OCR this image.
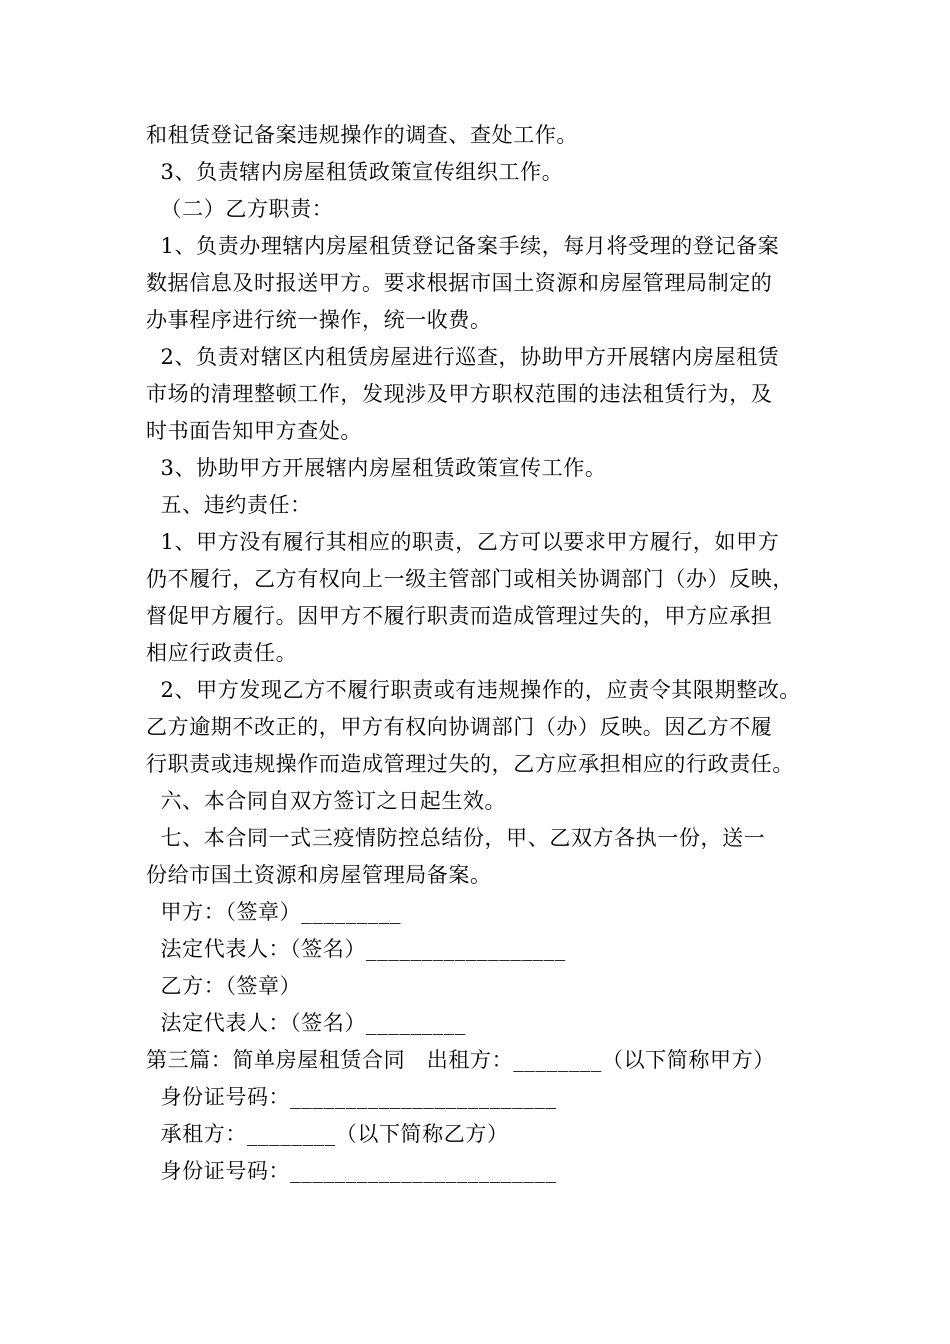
和租赁登记备案违规操作的调查、查处工作。
3、负责辖内房屋租赁政策宣传组织工作。
（二）乙方职责：
1、负责办理辖内房屋租赁登记备案手续，每月将受理的登记备案
数据信息及时报送甲方。要求根据市国土资源和房屋管理局制定的
办事程序进行统一操作，统一收费。
2、负责对辖区内租赁房屋进行巡查，协助甲方开展辖内房屋租赁
市场的清理整顿工作，发现涉及甲方职权范围的违法租赁行为，及
时书面告知甲方查处。
3、协助甲方开展辖内房屋租赁政策宣传工作。
五、违约责任：
1、甲方没有履行其相应的职责，乙方可以要求甲方履行，如甲方
仍不履行，乙方有权向上一级主管部门或相关协调部门（办）反映，
督促甲方履行。因甲方不履行职责而造成管理过失的，甲方应承担
相应行政责任。
2、甲方发现乙方不履行职责或有违规操作的，应责令其限期整改。
乙方逾期不改正的，甲方有权向协调部门（办）反映。因乙方不履
行职责或违规操作而造成管理过失的，乙方应承担相应的行政责任。
六、本合同自双方签订之日起生效。
七、本合同一式三疫情防控总结份，甲、乙双方各执一份，送一
份给市国土资源和房屋管理局备案。
甲方：（签章）_________
法定代表人：（签名）__________________
乙方：（签章）
法定代表人：（签名）_________
第三篇：简单房屋租赁合同　出租方：________（以下简称甲方）
身份证号码：________________________
承租方：________（以下简称乙方）
身份证号码：________________________
